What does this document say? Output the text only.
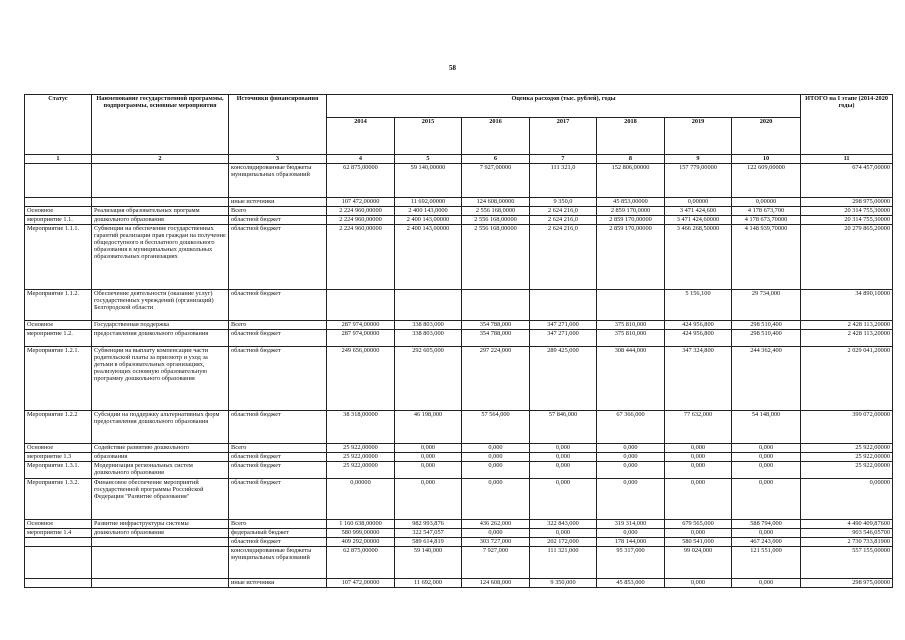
58
Статус	Наименование государственной программы, подпрограммы, основные мероприятия	Источники финансирования	Оценка расходов (тыс. рублей), годы							ИТОГО на I этапе (2014-2020 годы)
			2014	2015	2016	2017	2018	2019	2020	
1	2	3	4	5	6	7	8	9	10	11
		консолидированные бюджеты муниципальных образований	62 875,00000	59 140,00000	7 927,00000	111 321,0	152 806,00000	157 779,00000	122 609,00000	674 457,00000
		иные источники	107 472,00000	11 692,00000	124 608,00000	9 350,0	45 853,00000	0,00000	0,00000	298 975,00000
Основное	Реализация образовательных программ	Всего	2 224 960,00000	2 400 143,0000	2 556 168,0000	2 624 216,0	2 859 170,0000	3 471 424,600	4 178 673,700	20 314 755,30000
мероприятие 1.1.	дошкольного образования	областной бюджет	2 224 960,00000	2 400 143,00000	2 556 168,00000	2 624 216,0	2 859 170,00000	3 471 424,60000	4 178 673,70000	20 314 755,30000
Мероприятие 1.1.1.	Субвенции на обеспечение государственных гарантий реализации прав граждан на получение общедоступного и бесплатного дошкольного образования в муниципальных дошкольных образовательных организациях	областной бюджет	2 224 960,00000	2 400 143,00000	2 556 168,00000	2 624 216,0	2 859 170,00000	3 466 268,50000	4 148 939,70000	20 279 865,20000
Мероприятие 1.1.2.	Обеспечение деятельности (оказание услуг) государственных учреждений (организаций) Белгородской области	областной бюджет						5 156,100	29 734,000	34 890,10000
Основное	Государственная поддержка	Всего	287 974,00000	338 803,000	354 788,000	347 271,000	375 810,000	424 956,800	298 510,400	2 428 113,20000
мероприятие 1.2.	предоставления дошкольного образования	областной бюджет	287 974,00000	338 803,000	354 788,000	347 271,000	375 810,000	424 956,800	298 510,400	2 428 113,20000
Мероприятие 1.2.1.	Субвенции на выплату компенсации части родительской платы за присмотр и уход за детьми в образовательных организациях, реализующих основную образовательную программу дошкольного образования	областной бюджет	249 656,00000	292 605,000	297 224,000	289 425,000	308 444,000	347 324,800	244 362,400	2 029 041,20000
Мероприятие 1.2.2	Субсидии на поддержку альтернативных форм предоставления дошкольного образования	областной бюджет	38 318,00000	46 198,000	57 564,000	57 846,000	67 366,000	77 632,000	54 148,000	399 072,00000
Основное	Содействие развитию дошкольного	Всего	25 922,00000	0,000	0,000	0,000	0,000	0,000	0,000	25 922,00000
мероприятие 1.3	образования	областной бюджет	25 922,00000	0,000	0,000	0,000	0,000	0,000	0,000	25 922,00000
Мероприятие 1.3.1.	Модернизация региональных систем дошкольного образования	областной бюджет	25 922,00000	0,000	0,000	0,000	0,000	0,000	0,000	25 922,00000
Мероприятие 1.3.2.	Финансовое обеспечение мероприятий государственной программы Российской Федерации "Развитие образования"	областной бюджет	0,00000	0,000	0,000	0,000	0,000	0,000	0,000	0,00000
Основное	Развитие инфраструктуры системы	Всего	1 160 638,00000	982 993,876	436 262,000	322 843,000	319 314,000	679 565,000	588 794,000	4 490 409,87600
мероприятие 1.4	дошкольного образования	федеральный бюджет	580 999,00000	322 547,057	0,000	0,000	0,000	0,000	0,000	903 546,05700
		областной бюджет	409 292,00000	589 614,819	303 727,000	202 172,000	178 144,000	580 541,000	467 243,000	2 730 733,81900
		консолидированные бюджеты муниципальных образований	62 875,00000	59 140,000	7 927,000	111 321,000	95 317,000	99 024,000	121 551,000	557 155,00000
		иные источники	107 472,00000	11 692,000	124 608,000	9 350,000	45 853,000	0,000	0,000	298 975,00000
